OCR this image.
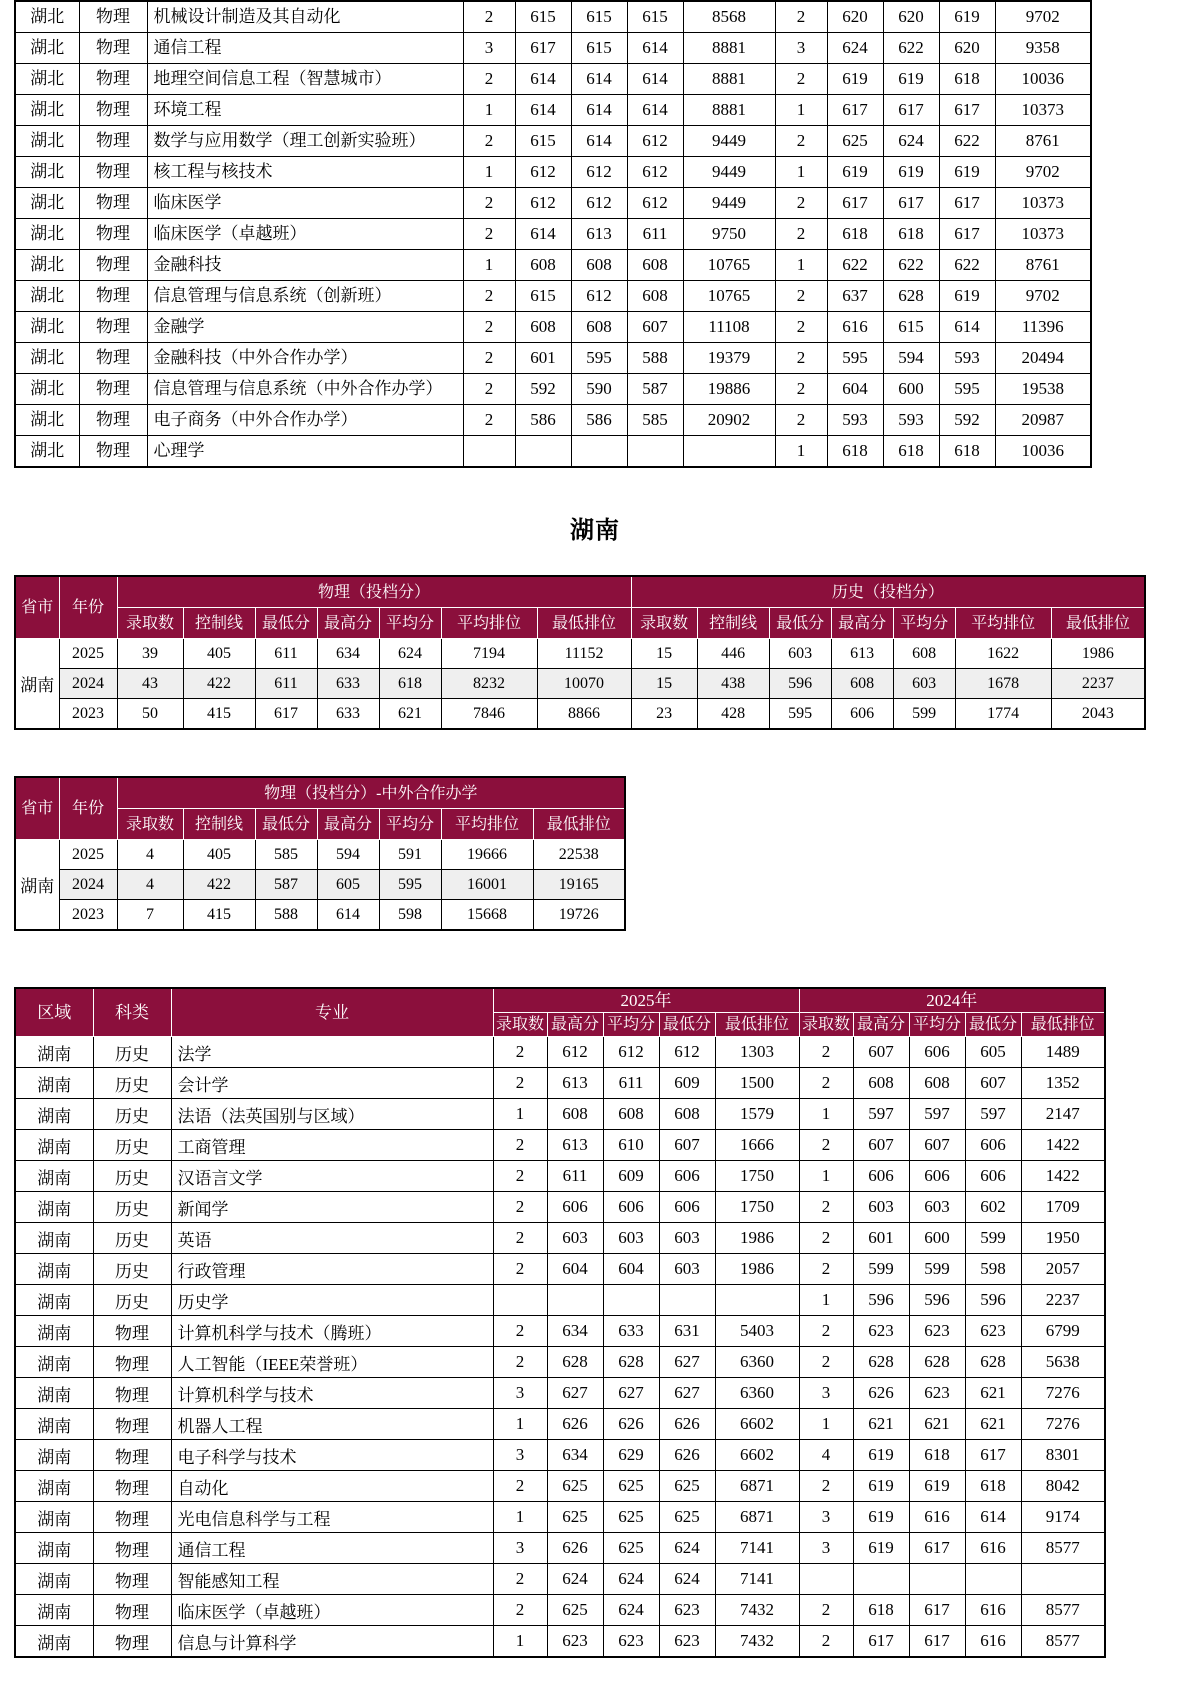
湖北	物理	机械设计制造及其自动化	2	615	615	615	8568	2	620	620	619	9702
湖北	物理	通信工程	3	617	615	614	8881	3	624	622	620	9358
湖北	物理	地理空间信息工程（智慧城市）	2	614	614	614	8881	2	619	619	618	10036
湖北	物理	环境工程	1	614	614	614	8881	1	617	617	617	10373
湖北	物理	数学与应用数学（理工创新实验班）	2	615	614	612	9449	2	625	624	622	8761
湖北	物理	核工程与核技术	1	612	612	612	9449	1	619	619	619	9702
湖北	物理	临床医学	2	612	612	612	9449	2	617	617	617	10373
湖北	物理	临床医学（卓越班）	2	614	613	611	9750	2	618	618	617	10373
湖北	物理	金融科技	1	608	608	608	10765	1	622	622	622	8761
湖北	物理	信息管理与信息系统（创新班）	2	615	612	608	10765	2	637	628	619	9702
湖北	物理	金融学	2	608	608	607	11108	2	616	615	614	11396
湖北	物理	金融科技（中外合作办学）	2	601	595	588	19379	2	595	594	593	20494
湖北	物理	信息管理与信息系统（中外合作办学）	2	592	590	587	19886	2	604	600	595	19538
湖北	物理	电子商务（中外合作办学）	2	586	586	585	20902	2	593	593	592	20987
湖北	物理	心理学						1	618	618	618	10036
湖南
省市	年份	物理（投档分）							历史（投档分）						
		录取数	控制线	最低分	最高分	平均分	平均排位	最低排位	录取数	控制线	最低分	最高分	平均分	平均排位	最低排位
湖南	2025	39	405	611	634	624	7194	11152	15	446	603	613	608	1622	1986
	2024	43	422	611	633	618	8232	10070	15	438	596	608	603	1678	2237
	2023	50	415	617	633	621	7846	8866	23	428	595	606	599	1774	2043
省市	年份	物理（投档分）-中外合作办学						
		录取数	控制线	最低分	最高分	平均分	平均排位	最低排位
湖南	2025	4	405	585	594	591	19666	22538
	2024	4	422	587	605	595	16001	19165
	2023	7	415	588	614	598	15668	19726
区域	科类	专业	2025年					2024年				
			录取数	最高分	平均分	最低分	最低排位	录取数	最高分	平均分	最低分	最低排位
湖南	历史	法学	2	612	612	612	1303	2	607	606	605	1489
湖南	历史	会计学	2	613	611	609	1500	2	608	608	607	1352
湖南	历史	法语（法英国别与区域）	1	608	608	608	1579	1	597	597	597	2147
湖南	历史	工商管理	2	613	610	607	1666	2	607	607	606	1422
湖南	历史	汉语言文学	2	611	609	606	1750	1	606	606	606	1422
湖南	历史	新闻学	2	606	606	606	1750	2	603	603	602	1709
湖南	历史	英语	2	603	603	603	1986	2	601	600	599	1950
湖南	历史	行政管理	2	604	604	603	1986	2	599	599	598	2057
湖南	历史	历史学						1	596	596	596	2237
湖南	物理	计算机科学与技术（腾班）	2	634	633	631	5403	2	623	623	623	6799
湖南	物理	人工智能（IEEE荣誉班）	2	628	628	627	6360	2	628	628	628	5638
湖南	物理	计算机科学与技术	3	627	627	627	6360	3	626	623	621	7276
湖南	物理	机器人工程	1	626	626	626	6602	1	621	621	621	7276
湖南	物理	电子科学与技术	3	634	629	626	6602	4	619	618	617	8301
湖南	物理	自动化	2	625	625	625	6871	2	619	619	618	8042
湖南	物理	光电信息科学与工程	1	625	625	625	6871	3	619	616	614	9174
湖南	物理	通信工程	3	626	625	624	7141	3	619	617	616	8577
湖南	物理	智能感知工程	2	624	624	624	7141					
湖南	物理	临床医学（卓越班）	2	625	624	623	7432	2	618	617	616	8577
湖南	物理	信息与计算科学	1	623	623	623	7432	2	617	617	616	8577
